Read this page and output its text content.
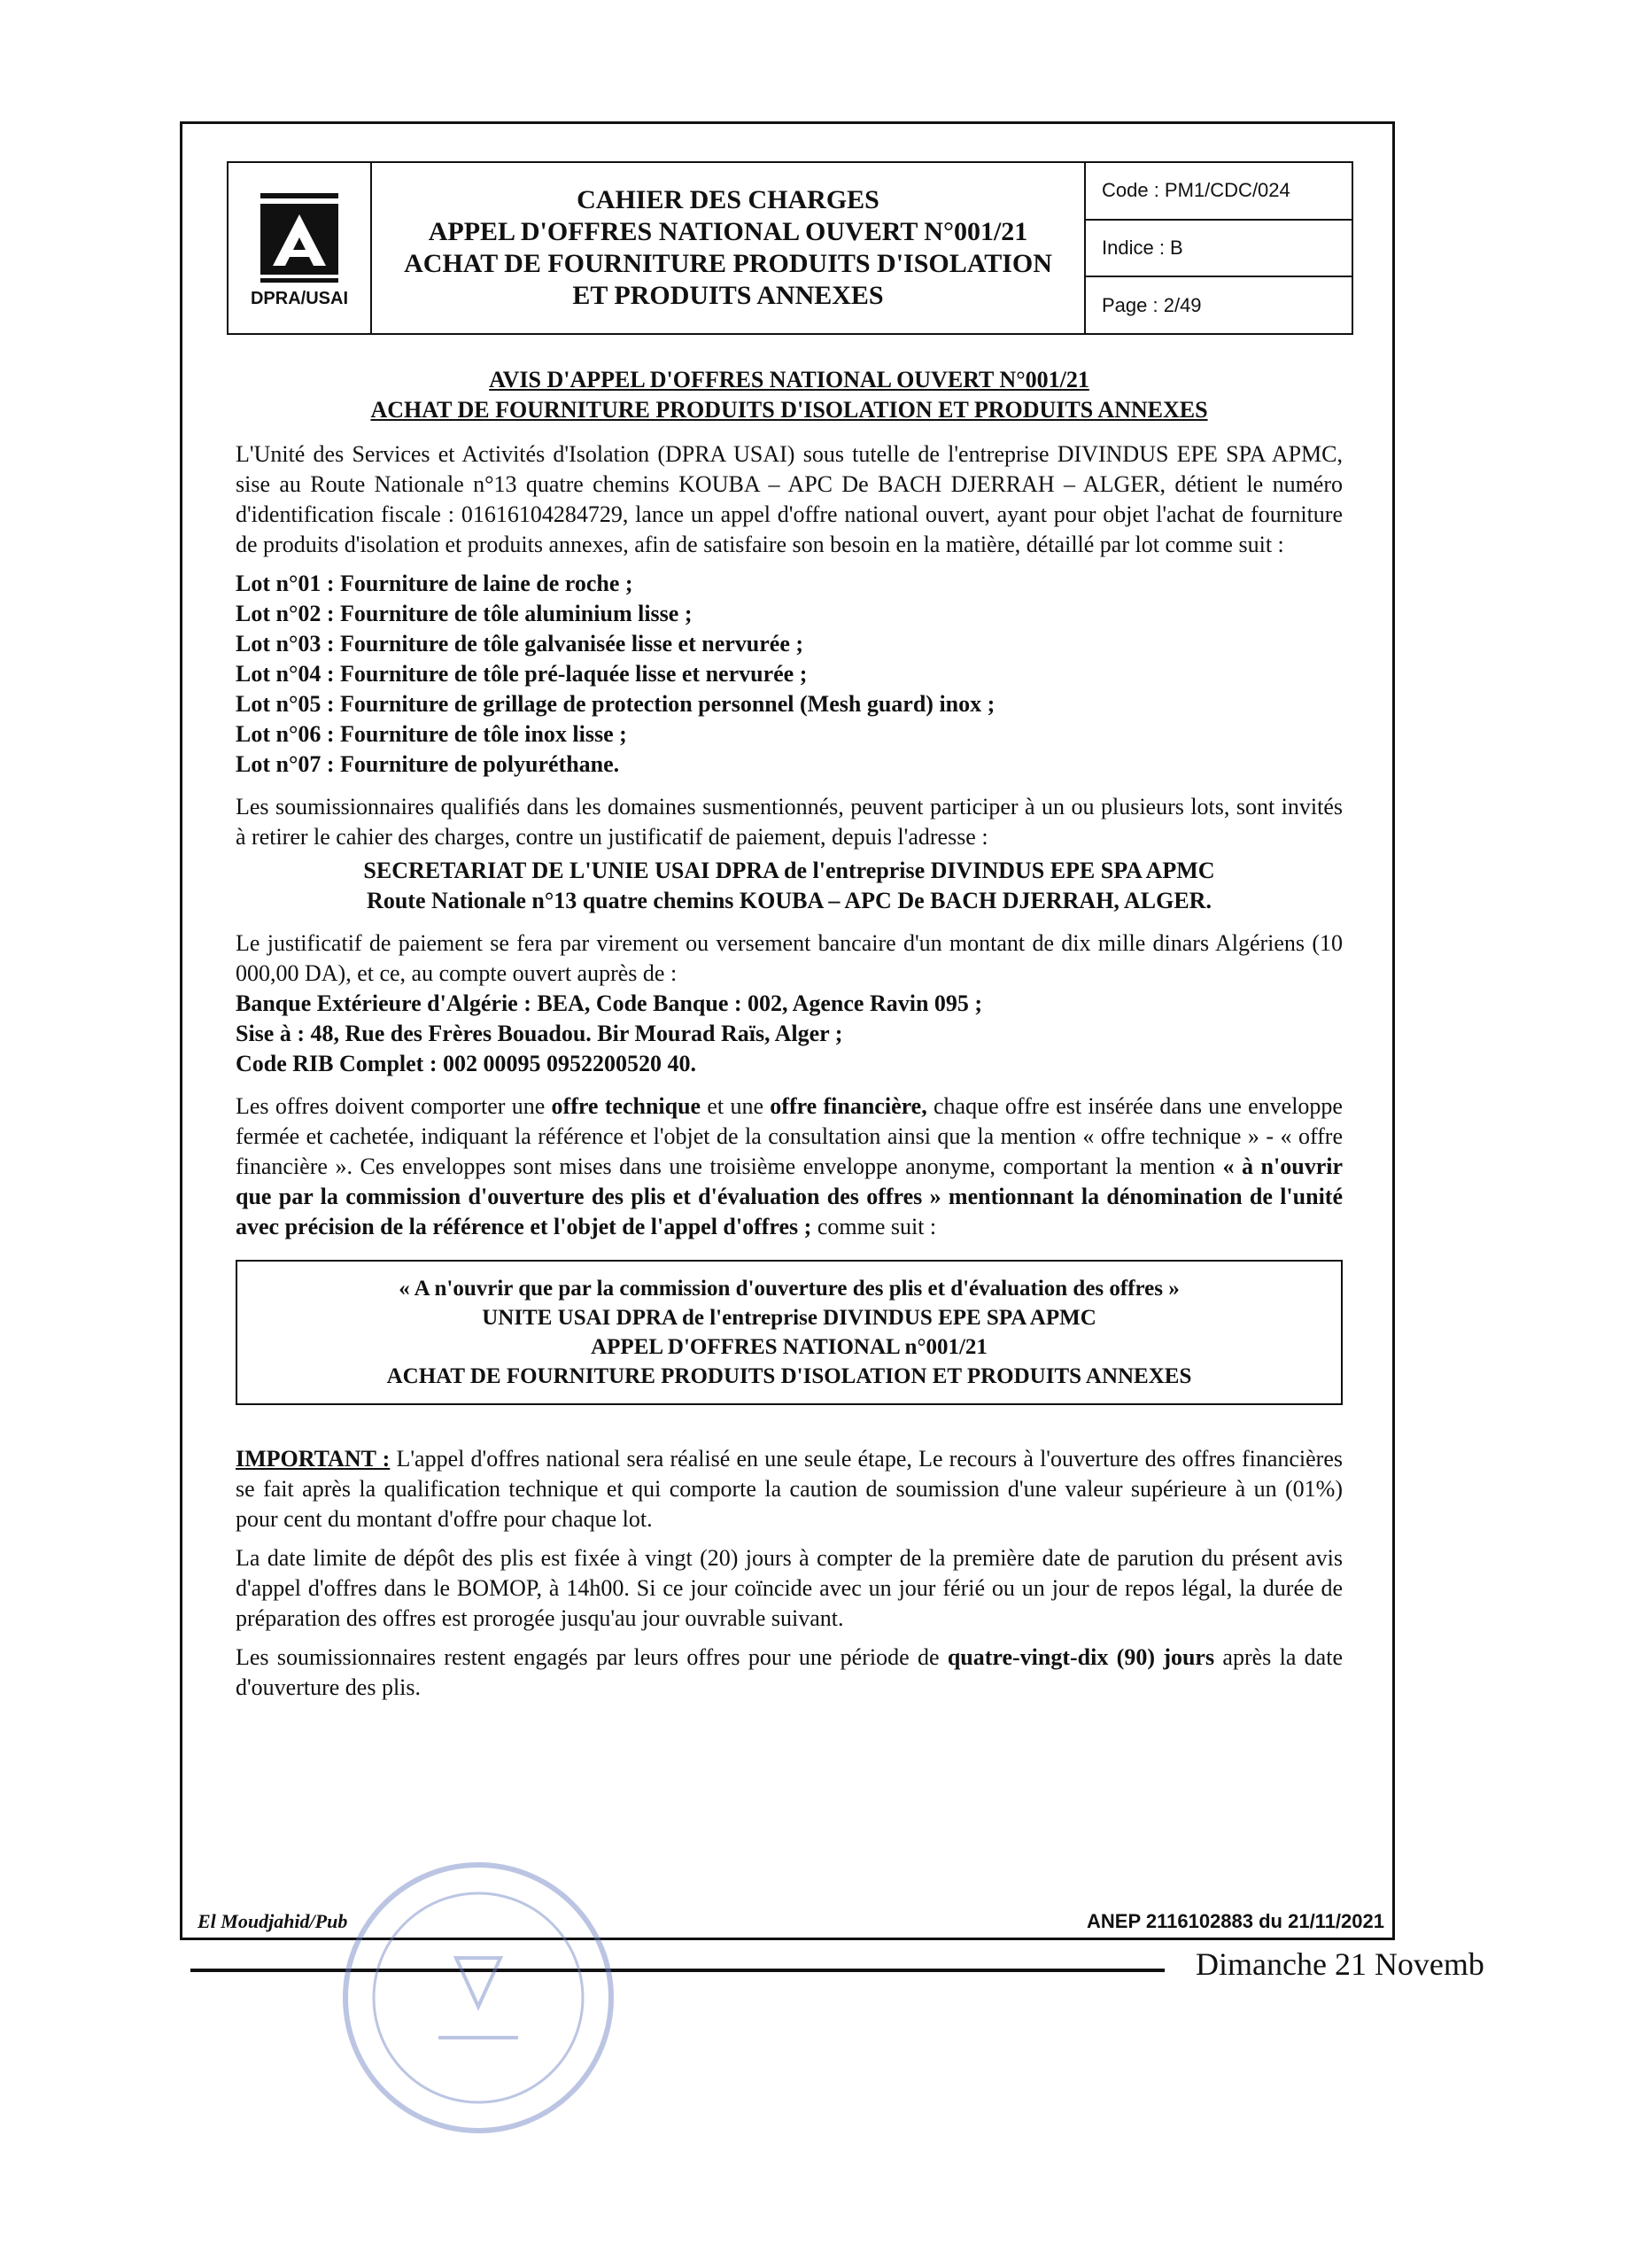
DPRA/USAI
CAHIER DES CHARGES
APPEL D'OFFRES NATIONAL OUVERT N°001/21
ACHAT DE FOURNITURE PRODUITS D'ISOLATION
ET PRODUITS ANNEXES
Code : PM1/CDC/024
Indice : B
Page : 2/49
AVIS D'APPEL D'OFFRES NATIONAL OUVERT N°001/21
ACHAT DE FOURNITURE PRODUITS D'ISOLATION ET PRODUITS ANNEXES

L'Unité des Services et Activités d'Isolation (DPRA USAI) sous tutelle de l'entreprise DIVINDUS EPE SPA APMC, sise au Route Nationale n°13 quatre chemins KOUBA – APC De BACH DJERRAH – ALGER, détient le numéro d'identification fiscale : 01616104284729, lance un appel d'offre national ouvert, ayant pour objet l'achat de fourniture de produits d'isolation et produits annexes, afin de satisfaire son besoin en la matière, détaillé par lot comme suit :

Lot n°01 : Fourniture de laine de roche ;
Lot n°02 : Fourniture de tôle aluminium lisse ;
Lot n°03 : Fourniture de tôle galvanisée lisse et nervurée ;
Lot n°04 : Fourniture de tôle pré-laquée lisse et nervurée ;
Lot n°05 : Fourniture de grillage de protection personnel (Mesh guard) inox ;
Lot n°06 : Fourniture de tôle inox lisse ;
Lot n°07 : Fourniture de polyuréthane.

Les soumissionnaires qualifiés dans les domaines susmentionnés, peuvent participer à un ou plusieurs lots, sont invités à retirer le cahier des charges, contre un justificatif de paiement, depuis l'adresse :

SECRETARIAT DE L'UNIE USAI DPRA de l'entreprise DIVINDUS EPE SPA APMC
Route Nationale n°13 quatre chemins KOUBA – APC De BACH DJERRAH, ALGER.

Le justificatif de paiement se fera par virement ou versement bancaire d'un montant de dix mille dinars Algériens (10 000,00 DA), et ce, au compte ouvert auprès de :

Banque Extérieure d'Algérie : BEA, Code Banque : 002, Agence Ravin 095 ;
Sise à : 48, Rue des Frères Bouadou. Bir Mourad Raïs, Alger ;
Code RIB Complet : 002 00095 0952200520 40.

Les offres doivent comporter une offre technique et une offre financière, chaque offre est insérée dans une enveloppe fermée et cachetée, indiquant la référence et l'objet de la consultation ainsi que la mention « offre technique » - « offre financière ». Ces enveloppes sont mises dans une troisième enveloppe anonyme, comportant la mention « à n'ouvrir que par la commission d'ouverture des plis et d'évaluation des offres » mentionnant la dénomination de l'unité avec précision de la référence et l'objet de l'appel d'offres ; comme suit :

« A n'ouvrir que par la commission d'ouverture des plis et d'évaluation des offres »
UNITE USAI DPRA de l'entreprise DIVINDUS EPE SPA APMC
APPEL D'OFFRES NATIONAL n°001/21
ACHAT DE FOURNITURE PRODUITS D'ISOLATION ET PRODUITS ANNEXES

IMPORTANT : L'appel d'offres national sera réalisé en une seule étape, Le recours à l'ouverture des offres financières se fait après la qualification technique et qui comporte la caution de soumission d'une valeur supérieure à un (01%) pour cent du montant d'offre pour chaque lot.

La date limite de dépôt des plis est fixée à vingt (20) jours à compter de la première date de parution du présent avis d'appel d'offres dans le BOMOP, à 14h00. Si ce jour coïncide avec un jour férié ou un jour de repos légal, la durée de préparation des offres est prorogée jusqu'au jour ouvrable suivant.

Les soumissionnaires restent engagés par leurs offres pour une période de quatre-vingt-dix (90) jours après la date d'ouverture des plis.

El Moudjahid/Pub	ANEP 2116102883 du 21/11/2021
Dimanche 21 Novemb
